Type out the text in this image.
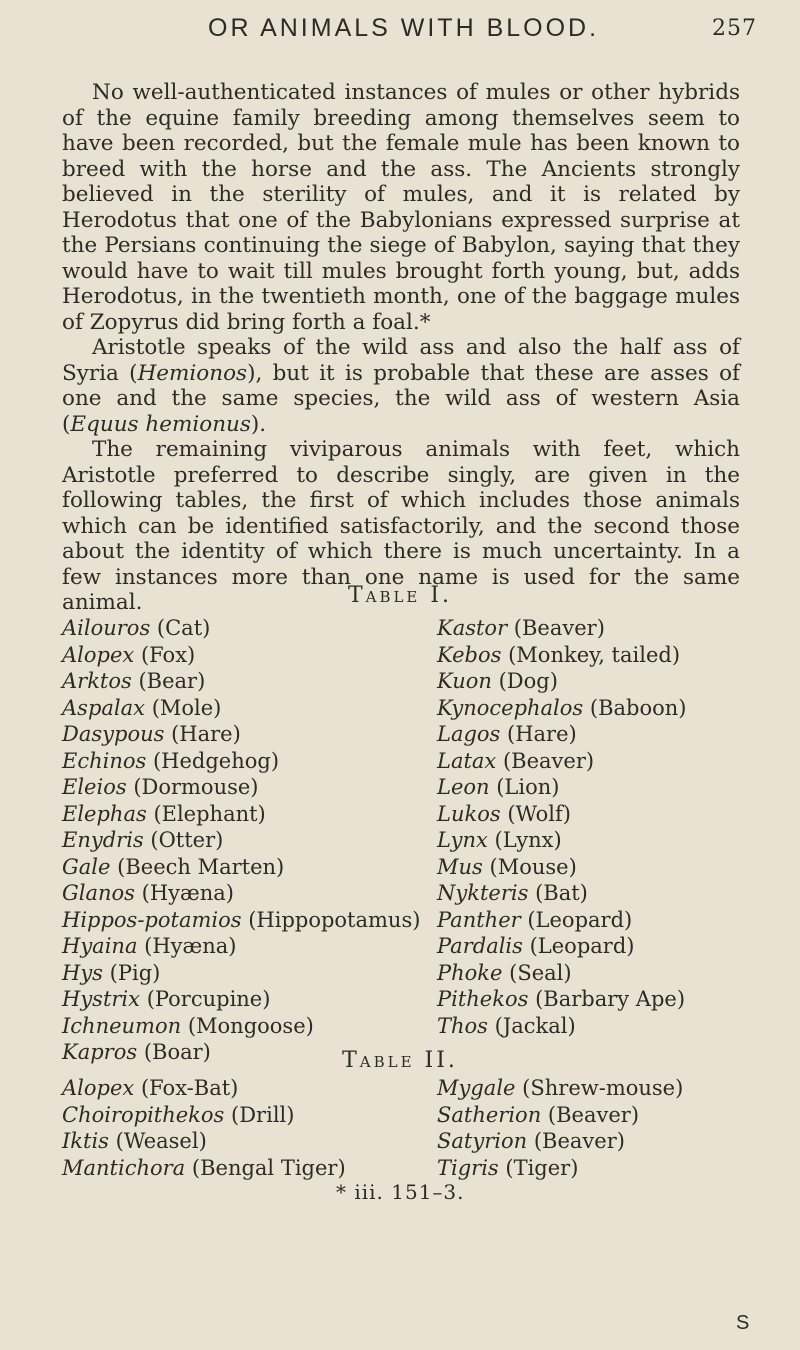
OR ANIMALS WITH BLOOD.	257

No well-authenticated instances of mules or other hybrids of the equine family breeding among themselves seem to have been recorded, but the female mule has been known to breed with the horse and the ass. The Ancients strongly believed in the sterility of mules, and it is related by Herodotus that one of the Babylonians expressed surprise at the Persians continuing the siege of Babylon, saying that they would have to wait till mules brought forth young, but, adds Herodotus, in the twentieth month, one of the baggage mules of Zopyrus did bring forth a foal.*

Aristotle speaks of the wild ass and also the half ass of Syria (Hemionos), but it is probable that these are asses of one and the same species, the wild ass of western Asia (Equus hemionus).

The remaining viviparous animals with feet, which Aristotle preferred to describe singly, are given in the following tables, the first of which includes those animals which can be identified satisfactorily, and the second those about the identity of which there is much uncertainty. In a few instances more than one name is used for the same animal.	Table I.
Ailouros (Cat)
Alopex (Fox)
Arktos (Bear)
Aspalax (Mole)
Dasypous (Hare)
Echinos (Hedgehog)
Eleios (Dormouse)
Elephas (Elephant)
Enydris (Otter)
Gale (Beech Marten)
Glanos (Hyæna)
Hippos-potamios (Hippopotamus)
Hyaina (Hyæna)
Hys (Pig)
Hystrix (Porcupine)
Ichneumon (Mongoose)
Kapros (Boar)
Kastor (Beaver)
Kebos (Monkey, tailed)
Kuon (Dog)
Kynocephalos (Baboon)
Lagos (Hare)
Latax (Beaver)
Leon (Lion)
Lukos (Wolf)
Lynx (Lynx)
Mus (Mouse)
Nykteris (Bat)
Panther (Leopard)
Pardalis (Leopard)
Phoke (Seal)
Pithekos (Barbary Ape)
Thos (Jackal)
Table II.
Alopex (Fox-Bat)
Choiropithekos (Drill)
Iktis (Weasel)
Mantichora (Bengal Tiger)
Mygale (Shrew-mouse)
Satherion (Beaver)
Satyrion (Beaver)
Tigris (Tiger)
* iii. 151–3.
S
